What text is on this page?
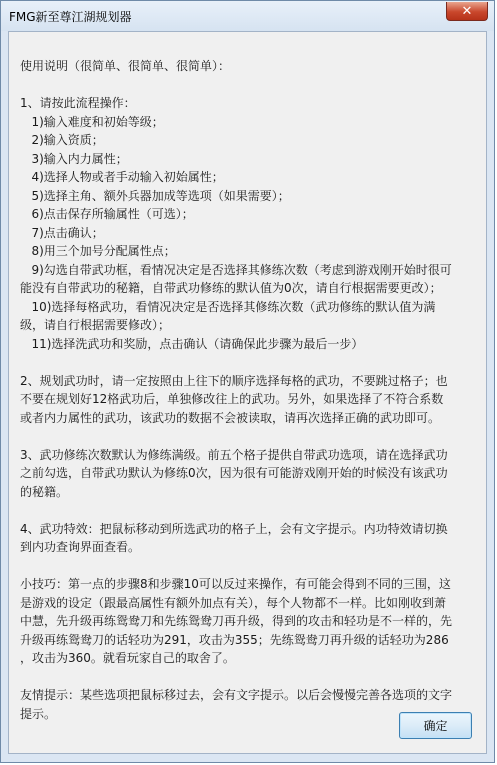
FMG新至尊江湖规划器	✕
使用说明（很简单、很简单、很简单）：
1、请按此流程操作：
1)输入难度和初始等级；
2)输入资质；
3)输入内力属性；
4)选择人物或者手动输入初始属性；
5)选择主角、额外兵器加成等选项（如果需要）；
6)点击保存所输属性（可选）；
7)点击确认；
8)用三个加号分配属性点；
9)勾选自带武功框，看情况决定是否选择其修练次数（考虑到游戏刚开始时很可
能没有自带武功的秘籍，自带武功修练的默认值为0次，请自行根据需要更改）；
10)选择每格武功，看情况决定是否选择其修练次数（武功修练的默认值为满
级，请自行根据需要修改）；
11)选择洗武功和奖励，点击确认（请确保此步骤为最后一步）
2、规划武功时，请一定按照由上往下的顺序选择每格的武功，不要跳过格子；也
不要在规划好12格武功后，单独修改往上的武功。另外，如果选择了不符合系数
或者内力属性的武功，该武功的数据不会被读取，请再次选择正确的武功即可。
3、武功修练次数默认为修练满级。前五个格子提供自带武功选项，请在选择武功
之前勾选，自带武功默认为修练0次，因为很有可能游戏刚开始的时候没有该武功
的秘籍。
4、武功特效：把鼠标移动到所选武功的格子上，会有文字提示。内功特效请切换
到内功查询界面查看。
小技巧：第一点的步骤8和步骤10可以反过来操作，有可能会得到不同的三围，这
是游戏的设定（跟最高属性有额外加点有关），每个人物都不一样。比如刚收到萧
中慧，先升级再练鸳鸯刀和先练鸳鸯刀再升级，得到的攻击和轻功是不一样的，先
升级再练鸳鸯刀的话轻功为291，攻击为355；先练鸳鸯刀再升级的话轻功为286
，攻击为360。就看玩家自己的取舍了。
友情提示：某些选项把鼠标移过去，会有文字提示。以后会慢慢完善各选项的文字
提示。
确定
